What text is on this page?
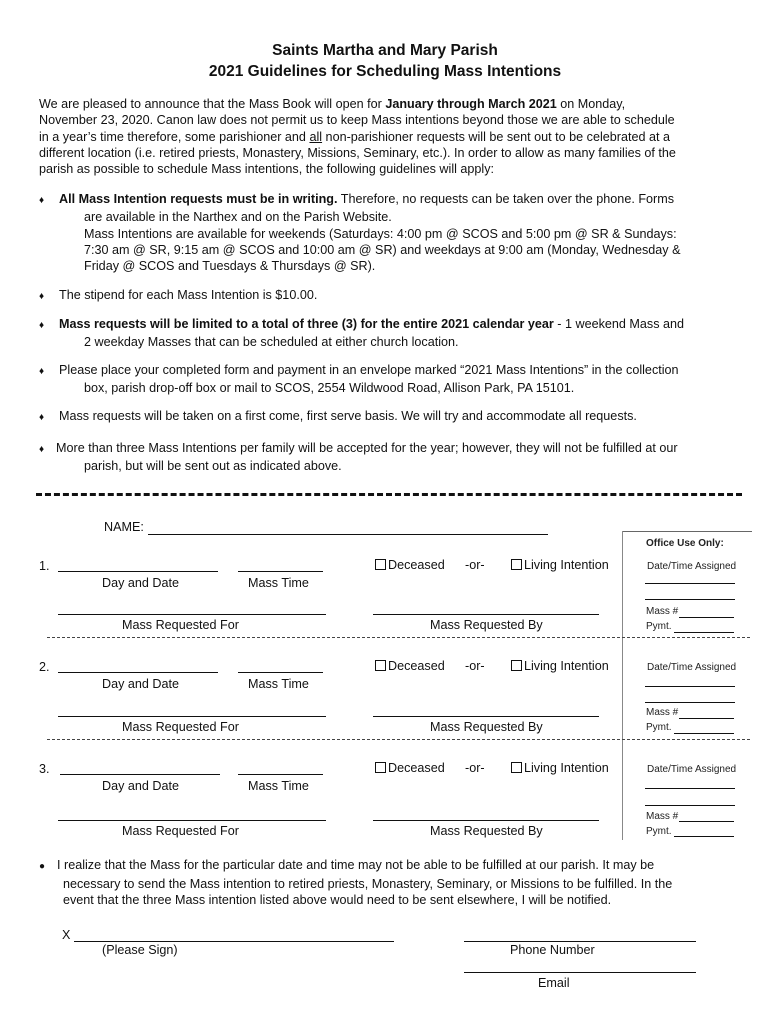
Saints Martha and Mary Parish
2021 Guidelines for Scheduling Mass Intentions
We are pleased to announce that the Mass Book will open for January through March 2021 on Monday,
November 23, 2020. Canon law does not permit us to keep Mass intentions beyond those we are able to schedule
in a year’s time therefore, some parishioner and all non-parishioner requests will be sent out to be celebrated at a
different location (i.e. retired priests, Monastery, Missions, Seminary, etc.). In order to allow as many families of the
parish as possible to schedule Mass intentions, the following guidelines will apply:
♦ All Mass Intention requests must be in writing. Therefore, no requests can be taken over the phone. Forms
are available in the Narthex and on the Parish Website.
Mass Intentions are available for weekends (Saturdays: 4:00 pm @ SCOS and 5:00 pm @ SR & Sundays:
7:30 am @ SR, 9:15 am @ SCOS and 10:00 am @ SR) and weekdays at 9:00 am (Monday, Wednesday &
Friday @ SCOS and Tuesdays & Thursdays @ SR).
♦ The stipend for each Mass Intention is $10.00.
♦ Mass requests will be limited to a total of three (3) for the entire 2021 calendar year - 1 weekend Mass and
2 weekday Masses that can be scheduled at either church location.
♦ Please place your completed form and payment in an envelope marked “2021 Mass Intentions” in the collection
box, parish drop-off box or mail to SCOS, 2554 Wildwood Road, Allison Park, PA 15101.
♦ Mass requests will be taken on a first come, first serve basis. We will try and accommodate all requests.
♦ More than three Mass Intentions per family will be accepted for the year; however, they will not be fulfilled at our
parish, but will be sent out as indicated above.
NAME:
Office Use Only:
1.
Day and Date	Mass Time
Deceased -or-	Living Intention
Mass Requested For	Mass Requested By
Date/Time Assigned
Mass #
Pymt.
2.
Day and Date	Mass Time
Deceased -or-	Living Intention
Mass Requested For	Mass Requested By
Date/Time Assigned
Mass #
Pymt.
3.
Day and Date	Mass Time
Deceased -or-	Living Intention
Mass Requested For	Mass Requested By
Date/Time Assigned
Mass #
Pymt.
● I realize that the Mass for the particular date and time may not be able to be fulfilled at our parish. It may be
necessary to send the Mass intention to retired priests, Monastery, Seminary, or Missions to be fulfilled. In the
event that the three Mass intention listed above would need to be sent elsewhere, I will be notified.
X
(Please Sign)	Phone Number
Email
